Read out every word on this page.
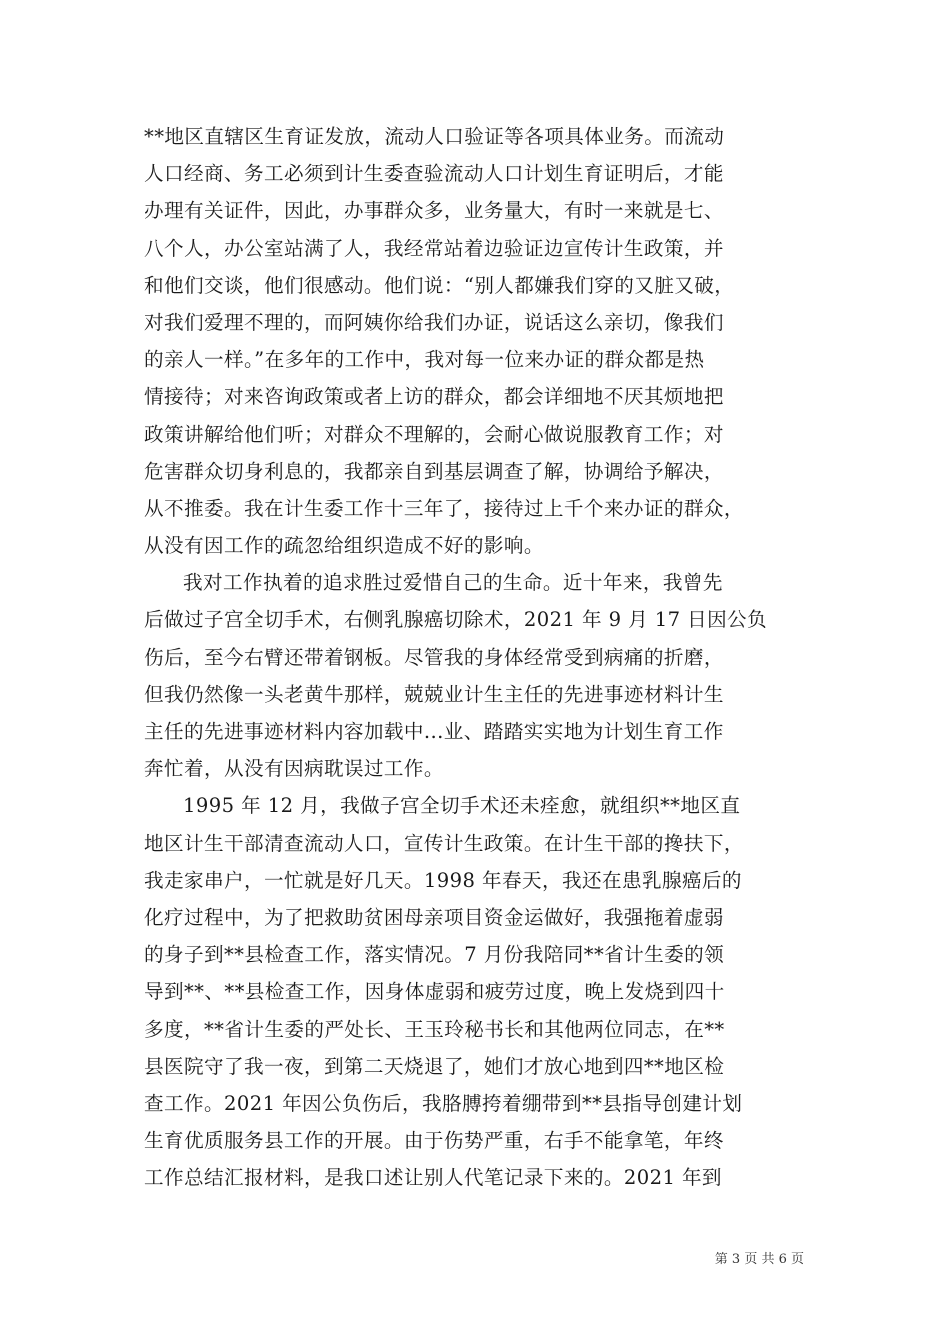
**地区直辖区生育证发放，流动人口验证等各项具体业务。而流动
人口经商、务工必须到计生委查验流动人口计划生育证明后，才能
办理有关证件，因此，办事群众多，业务量大，有时一来就是七、
八个人，办公室站满了人，我经常站着边验证边宣传计生政策，并
和他们交谈，他们很感动。他们说：“别人都嫌我们穿的又脏又破，
对我们爱理不理的，而阿姨你给我们办证，说话这么亲切，像我们
的亲人一样。”在多年的工作中，我对每一位来办证的群众都是热
情接待；对来咨询政策或者上访的群众，都会详细地不厌其烦地把
政策讲解给他们听；对群众不理解的，会耐心做说服教育工作；对
危害群众切身利息的，我都亲自到基层调查了解，协调给予解决，
从不推委。我在计生委工作十三年了，接待过上千个来办证的群众，
从没有因工作的疏忽给组织造成不好的影响。
我对工作执着的追求胜过爱惜自己的生命。近十年来，我曾先
后做过子宫全切手术，右侧乳腺癌切除术，2021 年 9 月 17 日因公负
伤后，至今右臂还带着钢板。尽管我的身体经常受到病痛的折磨，
但我仍然像一头老黄牛那样，兢兢业计生主任的先进事迹材料计生
主任的先进事迹材料内容加载中...业、踏踏实实地为计划生育工作
奔忙着，从没有因病耽误过工作。
1995 年 12 月，我做子宫全切手术还未痊愈，就组织**地区直
地区计生干部清查流动人口，宣传计生政策。在计生干部的搀扶下，
我走家串户，一忙就是好几天。1998 年春天，我还在患乳腺癌后的
化疗过程中，为了把救助贫困母亲项目资金运做好，我强拖着虚弱
的身子到**县检查工作，落实情况。7 月份我陪同**省计生委的领
导到**、**县检查工作，因身体虚弱和疲劳过度，晚上发烧到四十
多度，**省计生委的严处长、王玉玲秘书长和其他两位同志，在**
县医院守了我一夜，到第二天烧退了，她们才放心地到四**地区检
查工作。2021 年因公负伤后，我胳膊挎着绷带到**县指导创建计划
生育优质服务县工作的开展。由于伤势严重，右手不能拿笔，年终
工作总结汇报材料，是我口述让别人代笔记录下来的。2021 年到
第 3 页 共 6 页
